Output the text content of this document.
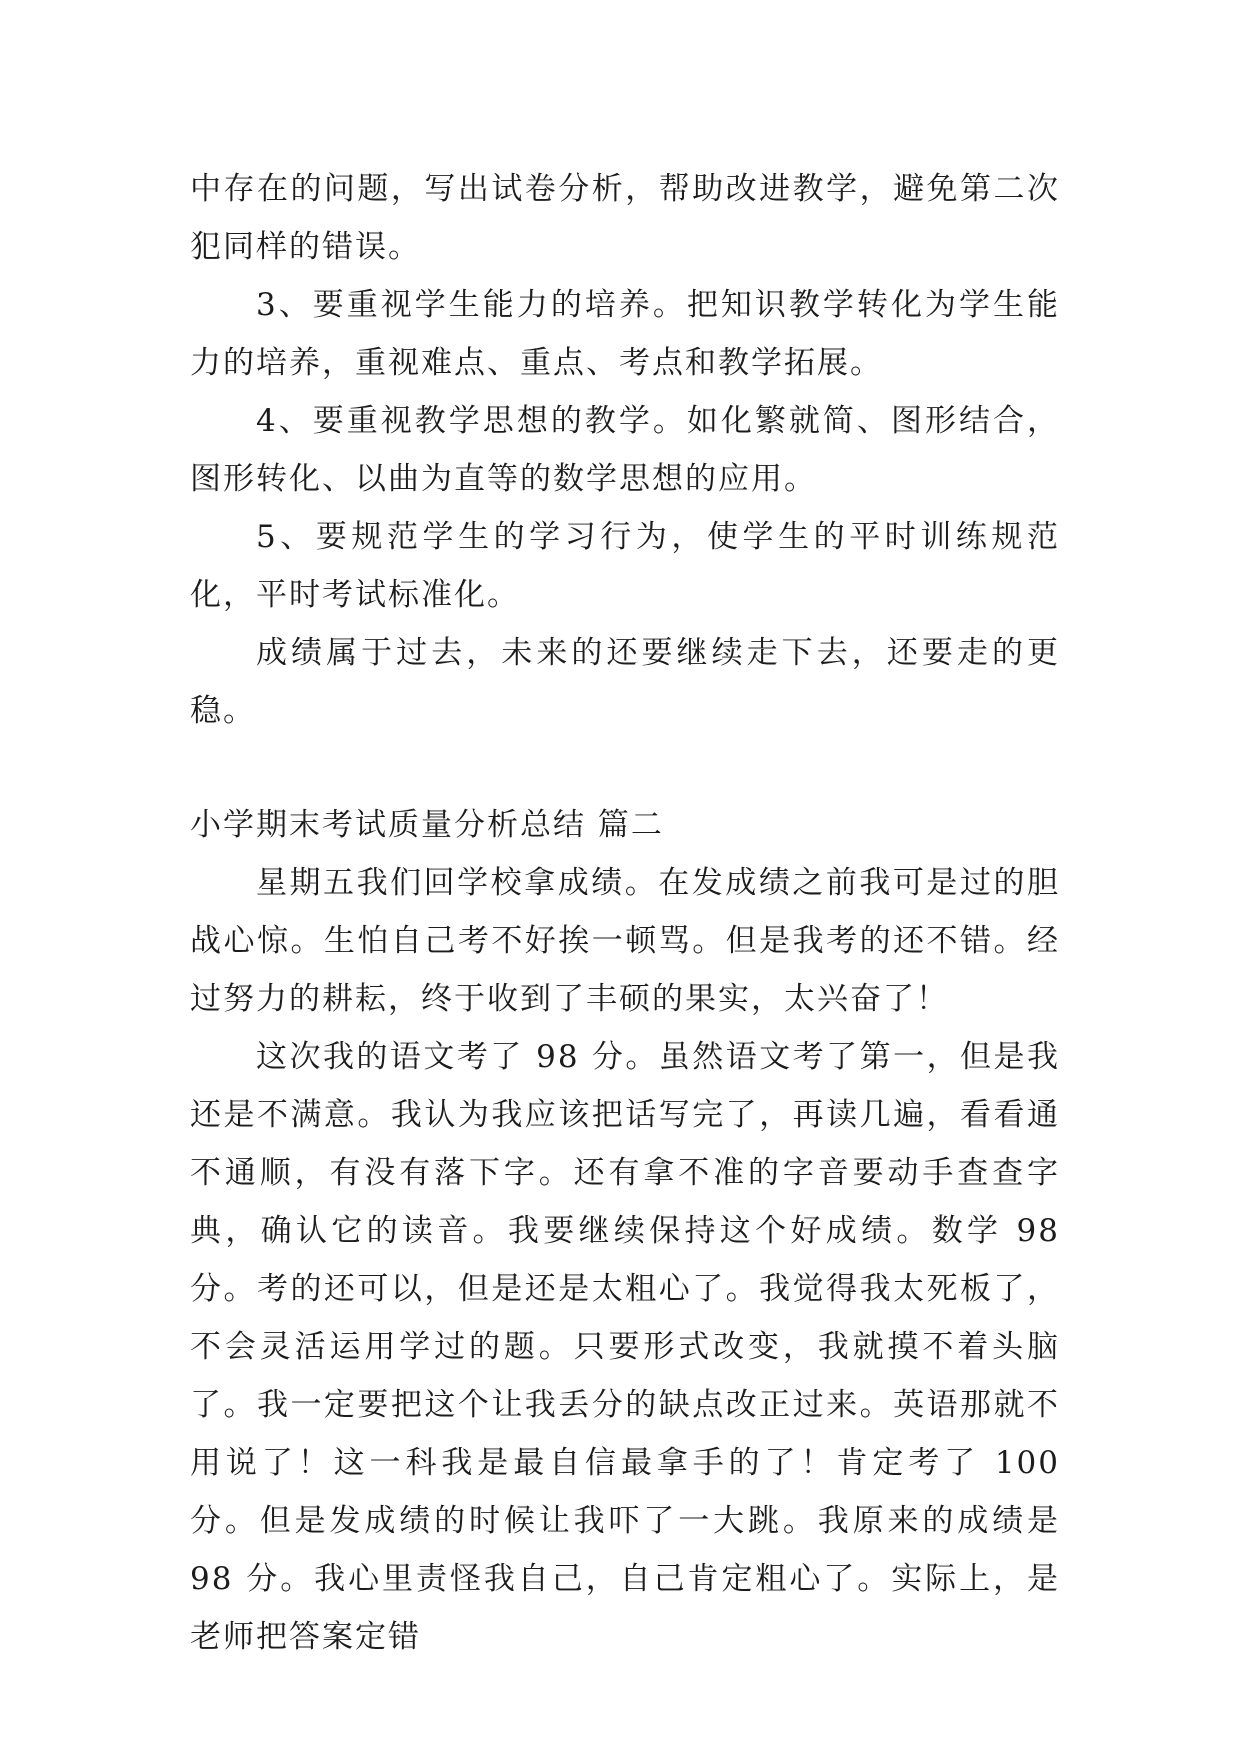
中存在的问题，写出试卷分析，帮助改进教学，避免第二次犯同样的错误。

3、要重视学生能力的培养。把知识教学转化为学生能力的培养，重视难点、重点、考点和教学拓展。

4、要重视教学思想的教学。如化繁就简、图形结合，图形转化、以曲为直等的数学思想的应用。

5、要规范学生的学习行为，使学生的平时训练规范化，平时考试标准化。

成绩属于过去，未来的还要继续走下去，还要走的更稳。

小学期末考试质量分析总结 篇二

星期五我们回学校拿成绩。在发成绩之前我可是过的胆战心惊。生怕自己考不好挨一顿骂。但是我考的还不错。经过努力的耕耘，终于收到了丰硕的果实，太兴奋了！

这次我的语文考了 98 分。虽然语文考了第一，但是我还是不满意。我认为我应该把话写完了，再读几遍，看看通不通顺，有没有落下字。还有拿不准的字音要动手查查字典，确认它的读音。我要继续保持这个好成绩。数学 98 分。考的还可以，但是还是太粗心了。我觉得我太死板了，不会灵活运用学过的题。只要形式改变，我就摸不着头脑了。我一定要把这个让我丢分的缺点改正过来。英语那就不用说了！这一科我是最自信最拿手的了！肯定考了 100 分。但是发成绩的时候让我吓了一大跳。我原来的成绩是 98 分。我心里责怪我自己，自己肯定粗心了。实际上，是老师把答案定错
